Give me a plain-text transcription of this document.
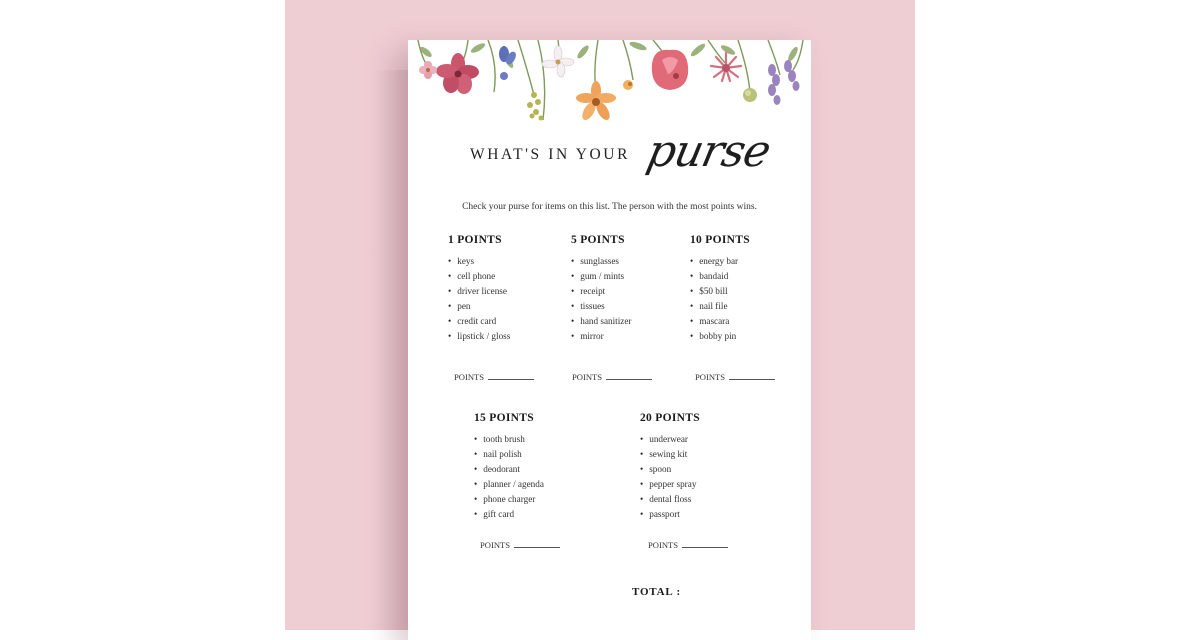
WHAT'S IN YOUR purse
Check your purse for items on this list. The person with the most points wins.
1 POINTS
• keys
• cell phone
• driver license
• pen
• credit card
• lipstick / gloss
POINTS
5 POINTS
• sunglasses
• gum / mints
• receipt
• tissues
• hand sanitizer
• mirror
POINTS
10 POINTS
• energy bar
• bandaid
• $50 bill
• nail file
• mascara
• bobby pin
POINTS
15 POINTS
• tooth brush
• nail polish
• deodorant
• planner / agenda
• phone charger
• gift card
POINTS
20 POINTS
• underwear
• sewing kit
• spoon
• pepper spray
• dental floss
• passport
POINTS
TOTAL :
